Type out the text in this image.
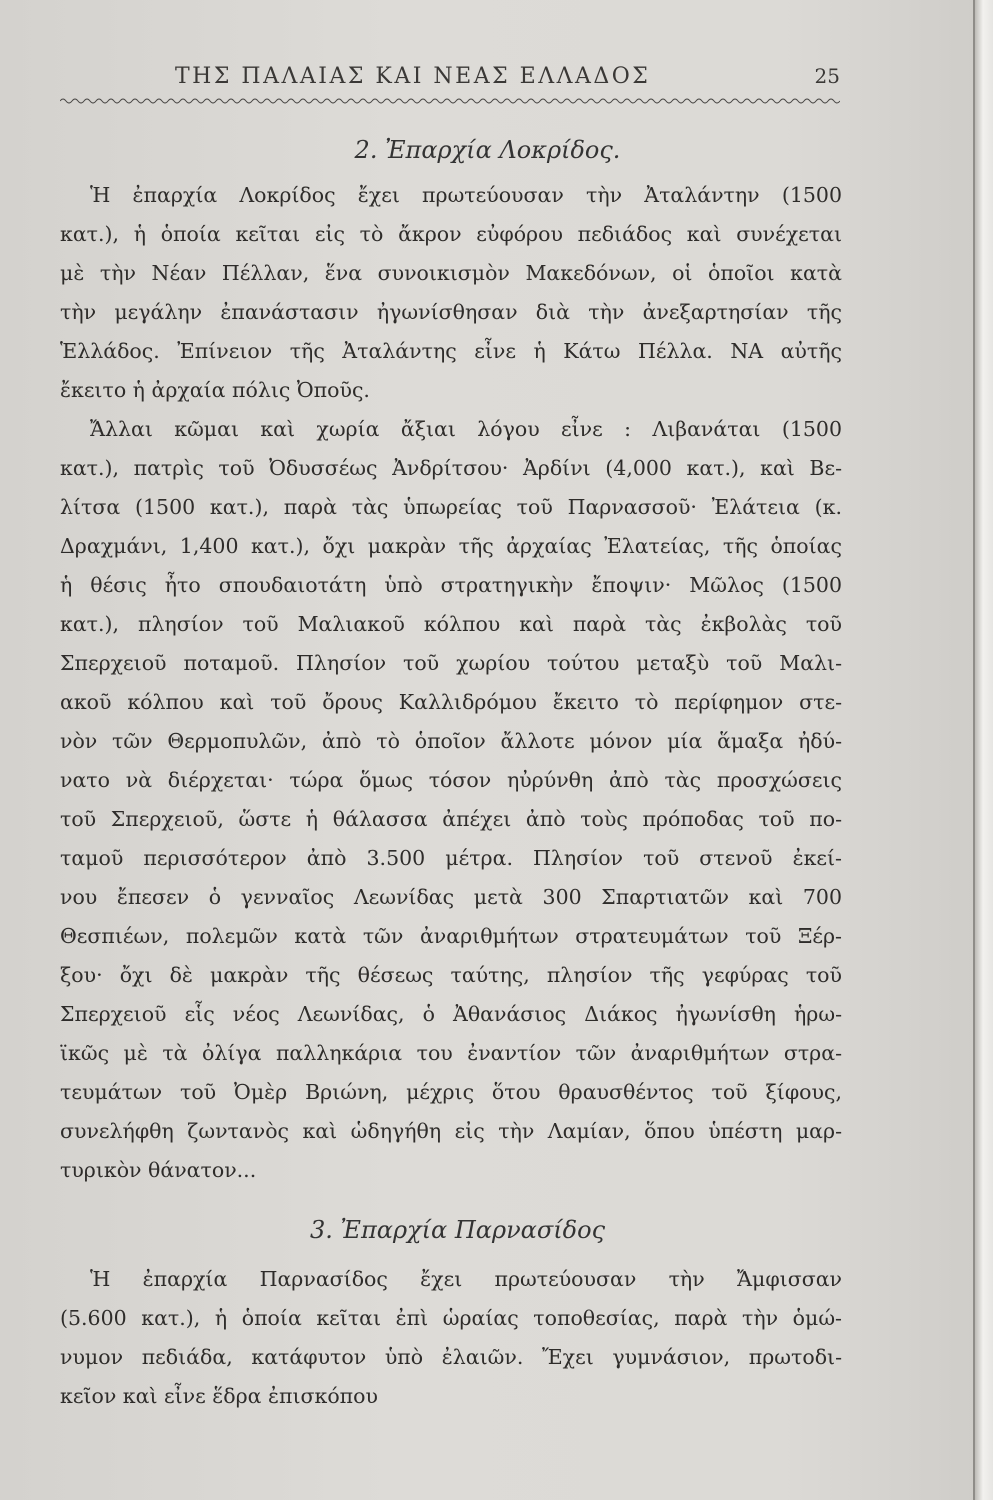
ΤΗΣ ΠΑΛΑΙΑΣ ΚΑΙ ΝΕΑΣ ΕΛΛΑΔΟΣ	25
2. Ἐπαρχία Λοκρίδος.
Ἡ ἐπαρχία Λοκρίδος ἔχει πρωτεύουσαν τὴν Ἀταλάντην (1500
κατ.), ἡ ὁποία κεῖται εἰς τὸ ἄκρον εὐφόρου πεδιάδος καὶ συνέχεται
μὲ τὴν Νέαν Πέλλαν, ἕνα συνοικισμὸν Μακεδόνων, οἱ ὁποῖοι κατὰ
τὴν μεγάλην ἐπανάστασιν ἠγωνίσθησαν διὰ τὴν ἀνεξαρτησίαν τῆς
Ἑλλάδος. Ἐπίνειον τῆς Ἀταλάντης εἶνε ἡ Κάτω Πέλλα. ΝΑ αὐτῆς
ἔκειτο ἡ ἀρχαία πόλις Ὀποῦς.
Ἄλλαι κῶμαι καὶ χωρία ἄξιαι λόγου εἶνε : Λιβανάται (1500
κατ.), πατρὶς τοῦ Ὀδυσσέως Ἀνδρίτσου· Ἀρδίνι (4,000 κατ.), καὶ Βε-
λίτσα (1500 κατ.), παρὰ τὰς ὑπωρείας τοῦ Παρνασσοῦ· Ἐλάτεια (κ.
Δραχμάνι, 1,400 κατ.), ὄχι μακρὰν τῆς ἀρχαίας Ἐλατείας, τῆς ὁποίας
ἡ θέσις ἦτο σπουδαιοτάτη ὑπὸ στρατηγικὴν ἔποψιν· Μῶλος (1500
κατ.), πλησίον τοῦ Μαλιακοῦ κόλπου καὶ παρὰ τὰς ἐκβολὰς τοῦ
Σπερχειοῦ ποταμοῦ. Πλησίον τοῦ χωρίου τούτου μεταξὺ τοῦ Μαλι-
ακοῦ κόλπου καὶ τοῦ ὄρους Καλλιδρόμου ἔκειτο τὸ περίφημον στε-
νὸν τῶν Θερμοπυλῶν, ἀπὸ τὸ ὁποῖον ἄλλοτε μόνον μία ἅμαξα ἠδύ-
νατο νὰ διέρχεται· τώρα ὅμως τόσον ηὐρύνθη ἀπὸ τὰς προσχώσεις
τοῦ Σπερχειοῦ, ὥστε ἡ θάλασσα ἀπέχει ἀπὸ τοὺς πρόποδας τοῦ πο-
ταμοῦ περισσότερον ἀπὸ 3.500 μέτρα. Πλησίον τοῦ στενοῦ ἐκεί-
νου ἔπεσεν ὁ γενναῖος Λεωνίδας μετὰ 300 Σπαρτιατῶν καὶ 700
Θεσπιέων, πολεμῶν κατὰ τῶν ἀναριθμήτων στρατευμάτων τοῦ Ξέρ-
ξου· ὄχι δὲ μακρὰν τῆς θέσεως ταύτης, πλησίον τῆς γεφύρας τοῦ
Σπερχειοῦ εἷς νέος Λεωνίδας, ὁ Ἀθανάσιος Διάκος ἠγωνίσθη ἡρω-
ϊκῶς μὲ τὰ ὀλίγα παλληκάρια του ἐναντίον τῶν ἀναριθμήτων στρα-
τευμάτων τοῦ Ὀμὲρ Βριώνη, μέχρις ὅτου θραυσθέντος τοῦ ξίφους,
συνελήφθη ζωντανὸς καὶ ὡδηγήθη εἰς τὴν Λαμίαν, ὅπου ὑπέστη μαρ-
τυρικὸν θάνατον...
3. Ἐπαρχία Παρνασίδος
Ἡ ἐπαρχία Παρνασίδος ἔχει πρωτεύουσαν τὴν Ἄμφισσαν
(5.600 κατ.), ἡ ὁποία κεῖται ἐπὶ ὡραίας τοποθεσίας, παρὰ τὴν ὁμώ-
νυμον πεδιάδα, κατάφυτον ὑπὸ ἐλαιῶν. Ἔχει γυμνάσιον, πρωτοδι-
κεῖον καὶ εἶνε ἕδρα ἐπισκόπου
